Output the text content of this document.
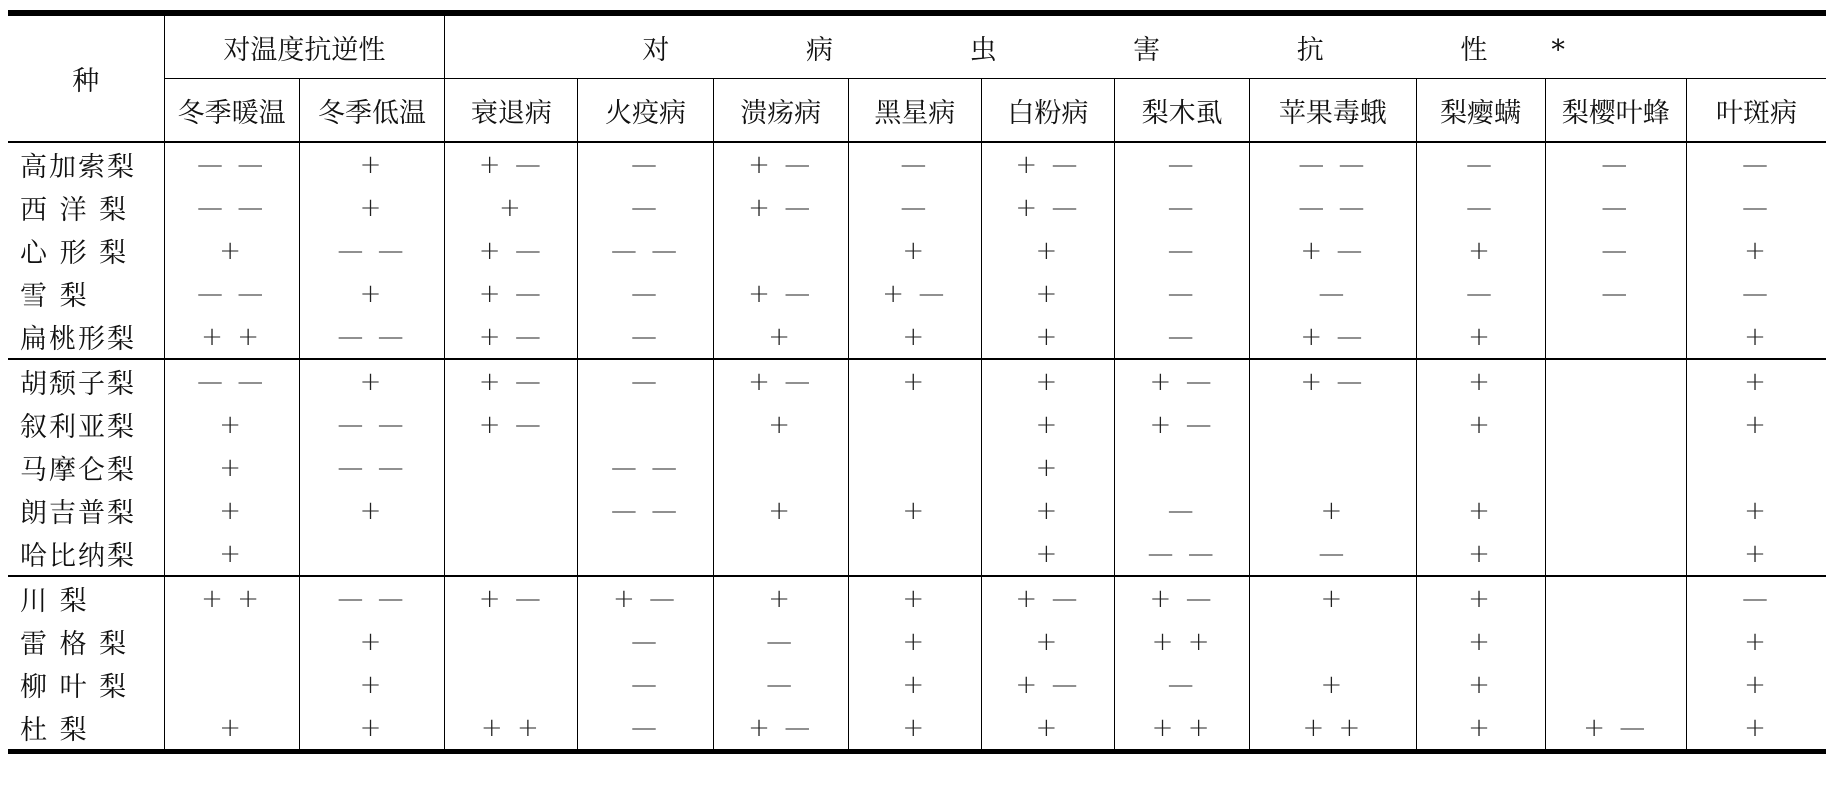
种	对温度抗逆性		对 病 虫 害 抗 性*									
	冬季暖温	冬季低温	衰退病	火疫病	溃疡病	黑星病	白粉病	梨木虱	苹果毒蛾	梨瘿螨	梨樱叶蜂	叶斑病
高加索梨	— —	+	+ —	—	+ —	—	+ —	—	— —	—	—	—
西 洋 梨	— —	+	+	—	+ —	—	+ —	—	— —	—	—	—
心 形 梨	+	— —	+ —	— —		+	+	—	+ —	+	—	+
雪 梨	— —	+	+ —	—	+ —	+ —	+	—	—	—	—	—
扁桃形梨	+ +	— —	+ —	—	+	+	+	—	+ —	+		+
胡颓子梨	— —	+	+ —	—	+ —	+	+	+ —	+ —	+		+
叙利亚梨	+	— —	+ —		+		+	+ —		+		+
马摩仑梨	+	— —		— —			+					
朗吉普梨	+	+		— —	+	+	+	—	+	+		+
哈比纳梨	+						+	— —	—	+		+
川 梨	+ +	— —	+ —	+ —	+	+	+ —	+ —	+	+		—
雷 格 梨		+		—	—	+	+	+ +		+		+
柳 叶 梨		+		—	—	+	+ —	—	+	+		+
杜 梨	+	+	+ +	—	+ —	+	+	+ +	+ +	+	+ —	+
